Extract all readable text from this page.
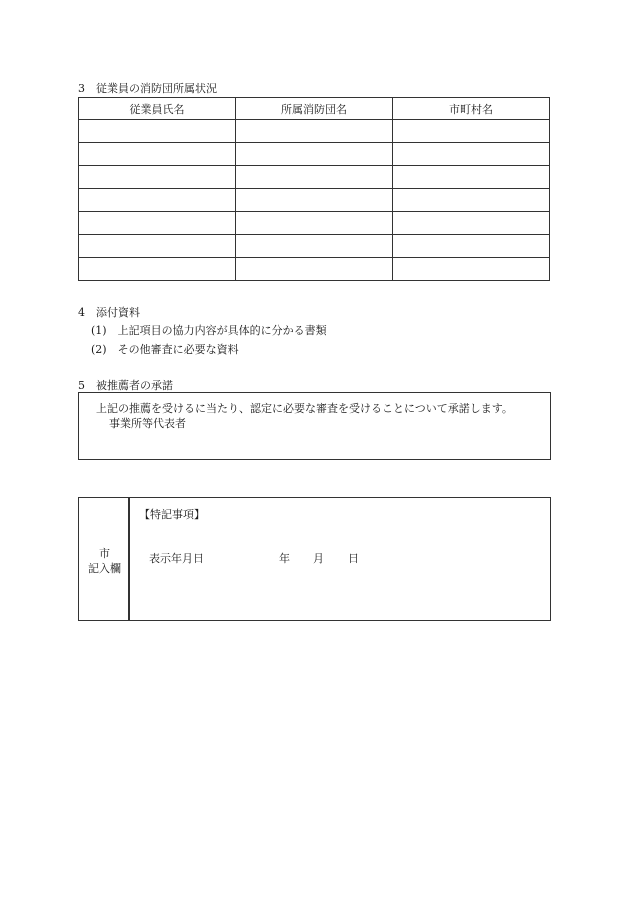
3　従業員の消防団所属状況
従業員氏名	所属消防団名	市町村名

4　添付資料
(1)　上記項目の協力内容が具体的に分かる書類
(2)　その他審査に必要な資料
5　被推薦者の承諾
上記の推薦を受けるに当たり、認定に必要な審査を受けることについて承諾します。
事業所等代表者
市
記入欄
【特記事項】
表示年月日	年 月 日
